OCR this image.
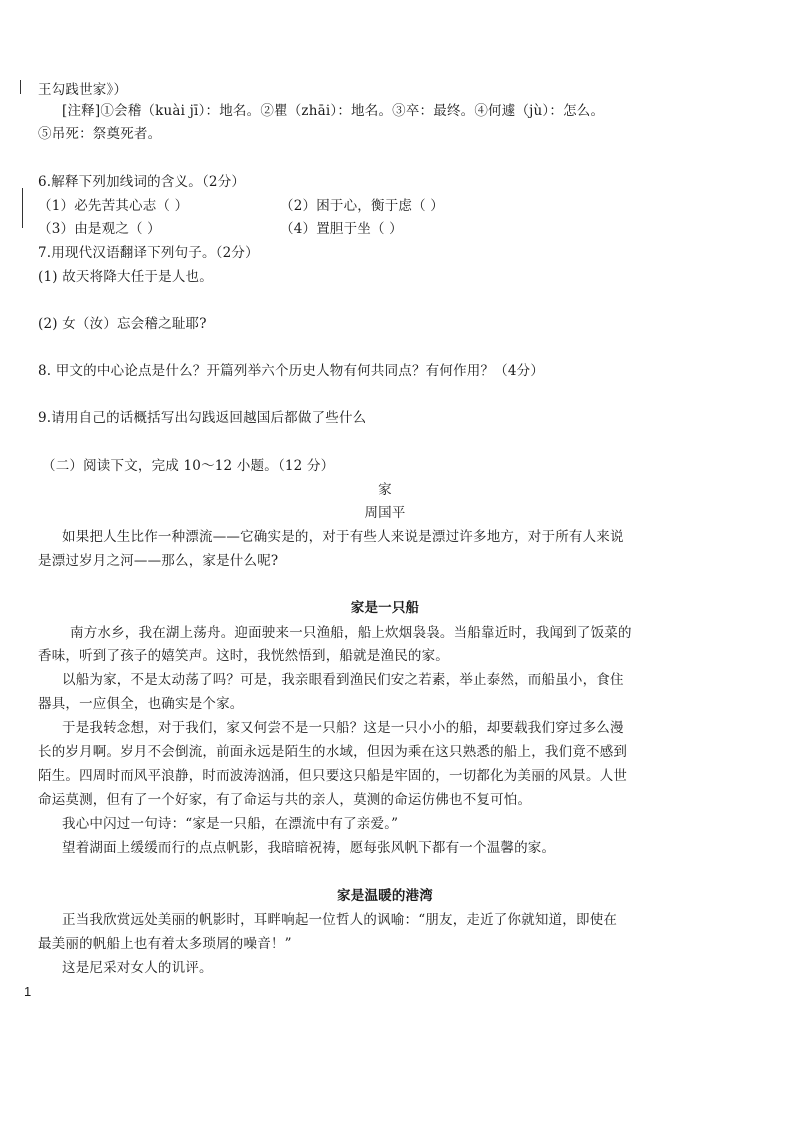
王勾践世家》）
[注释]①会稽（kuài jī）：地名。②瞿（zhāi）：地名。③卒：最终。④何遽（jù）：怎么。
⑤吊死：祭奠死者。
6.解释下列加线词的含义。（2分）
（1）必先苦其心志（ ）	（2）困于心，衡于虑（ ）
（3）由是观之（ ）	（4）置胆于坐（ ）
7.用现代汉语翻译下列句子。（2分）
(1) 故天将降大任于是人也。
(2) 女（汝）忘会稽之耻耶?
8. 甲文的中心论点是什么？开篇列举六个历史人物有何共同点？有何作用？（4分）
9.请用自己的话概括写出勾践返回越国后都做了些什么
（二）阅读下文，完成 10～12 小题。（12 分）
家
周国平
如果把人生比作一种漂流——它确实是的，对于有些人来说是漂过许多地方，对于所有人来说
是漂过岁月之河——那么，家是什么呢?
家是一只船
南方水乡，我在湖上荡舟。迎面驶来一只渔船，船上炊烟袅袅。当船靠近时，我闻到了饭菜的
香味，听到了孩子的嬉笑声。这时，我恍然悟到，船就是渔民的家。
以船为家，不是太动荡了吗？可是，我亲眼看到渔民们安之若素，举止泰然，而船虽小，食住
器具，一应俱全，也确实是个家。
于是我转念想，对于我们，家又何尝不是一只船？这是一只小小的船，却要载我们穿过多么漫
长的岁月啊。岁月不会倒流，前面永远是陌生的水域，但因为乘在这只熟悉的船上，我们竟不感到
陌生。四周时而风平浪静，时而波涛汹涌，但只要这只船是牢固的，一切都化为美丽的风景。人世
命运莫测，但有了一个好家，有了命运与共的亲人，莫测的命运仿佛也不复可怕。
我心中闪过一句诗：“家是一只船，在漂流中有了亲爱。”
望着湖面上缓缓而行的点点帆影，我暗暗祝祷，愿每张风帆下都有一个温馨的家。
家是温暖的港湾
正当我欣赏远处美丽的帆影时，耳畔响起一位哲人的讽喻：“朋友，走近了你就知道，即使在
最美丽的帆船上也有着太多琐屑的噪音！”
这是尼采对女人的讥评。
1
